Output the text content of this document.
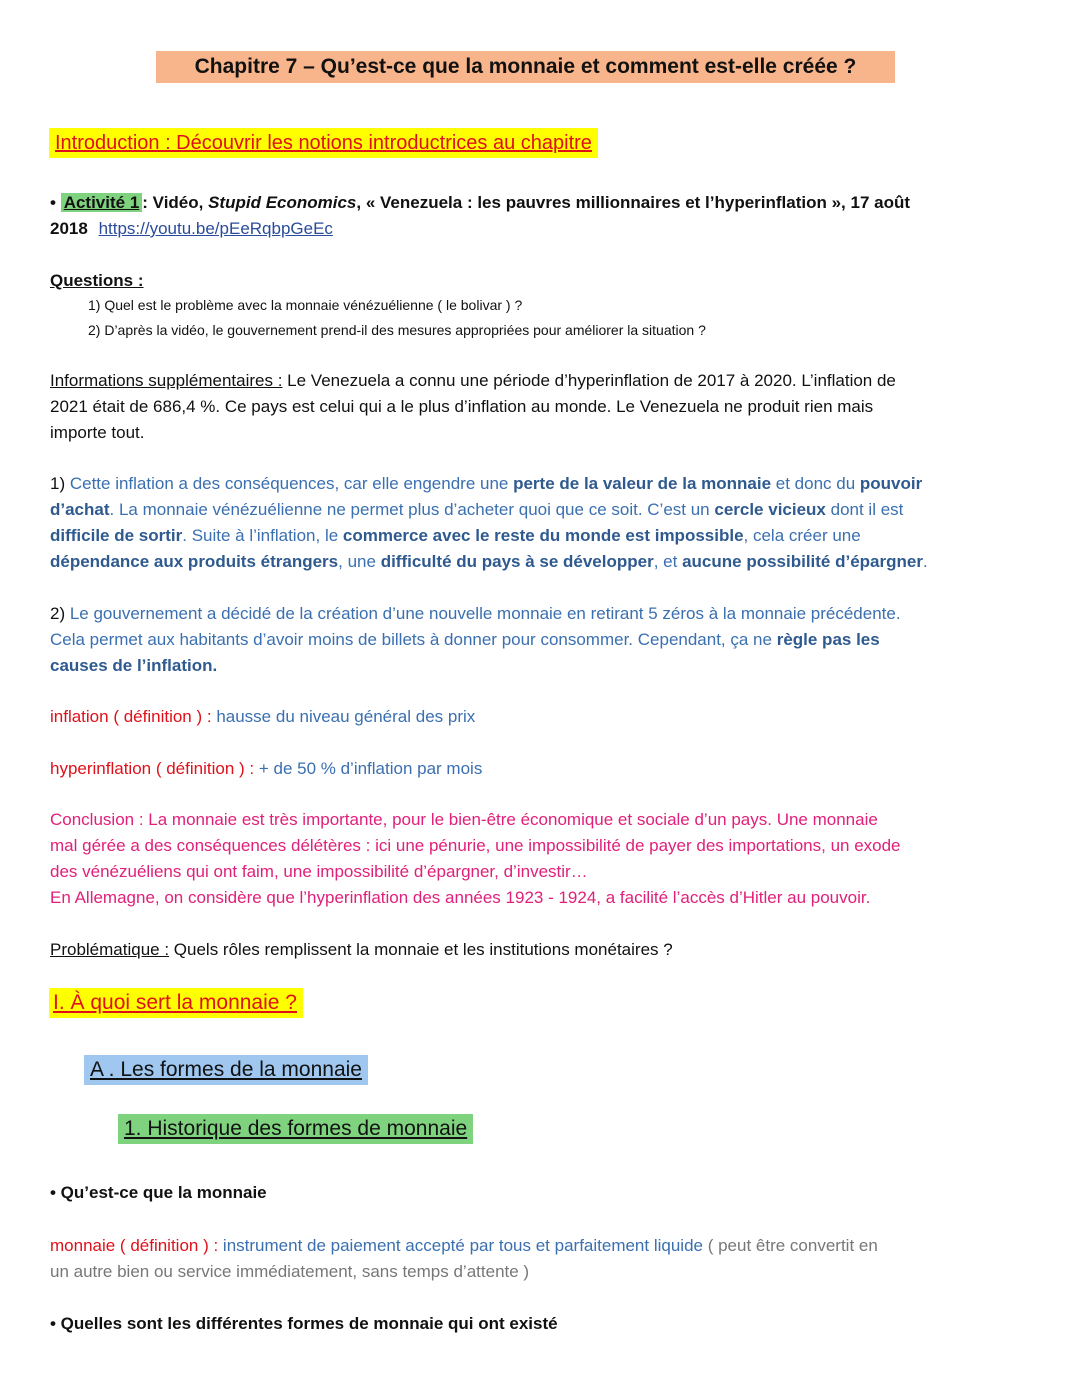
Chapitre 7 – Qu’est-ce que la monnaie et comment est-elle créée ?
Introduction : Découvrir les notions introductrices au chapitre
• Activité 1 : Vidéo, Stupid Economics, « Venezuela : les pauvres millionnaires et l’hyperinflation », 17 août
2018 https://youtu.be/pEeRqbpGeEc
Questions :
1) Quel est le problème avec la monnaie vénézuélienne ( le bolivar ) ?
2) D’après la vidéo, le gouvernement prend-il des mesures appropriées pour améliorer la situation ?
Informations supplémentaires : Le Venezuela a connu une période d’hyperinflation de 2017 à 2020. L’inflation de
2021 était de 686,4 %. Ce pays est celui qui a le plus d’inflation au monde. Le Venezuela ne produit rien mais
importe tout.
1) Cette inflation a des conséquences, car elle engendre une perte de la valeur de la monnaie et donc du pouvoir
d’achat. La monnaie vénézuélienne ne permet plus d’acheter quoi que ce soit. C’est un cercle vicieux dont il est
difficile de sortir. Suite à l’inflation, le commerce avec le reste du monde est impossible, cela créer une
dépendance aux produits étrangers, une difficulté du pays à se développer, et aucune possibilité d’épargner.
2) Le gouvernement a décidé de la création d’une nouvelle monnaie en retirant 5 zéros à la monnaie précédente.
Cela permet aux habitants d’avoir moins de billets à donner pour consommer. Cependant, ça ne règle pas les
causes de l’inflation.
inflation ( définition ) : hausse du niveau général des prix
hyperinflation ( définition ) : + de 50 % d’inflation par mois
Conclusion : La monnaie est très importante, pour le bien-être économique et sociale d’un pays. Une monnaie
mal gérée a des conséquences délétères : ici une pénurie, une impossibilité de payer des importations, un exode
des vénézuéliens qui ont faim, une impossibilité d’épargner, d’investir…
En Allemagne, on considère que l’hyperinflation des années 1923 - 1924, a facilité l’accès d’Hitler au pouvoir.
Problématique : Quels rôles remplissent la monnaie et les institutions monétaires ?
I. À quoi sert la monnaie ?
A . Les formes de la monnaie
1. Historique des formes de monnaie
• Qu’est-ce que la monnaie
monnaie ( définition ) : instrument de paiement accepté par tous et parfaitement liquide ( peut être convertit en
un autre bien ou service immédiatement, sans temps d’attente )
• Quelles sont les différentes formes de monnaie qui ont existé
